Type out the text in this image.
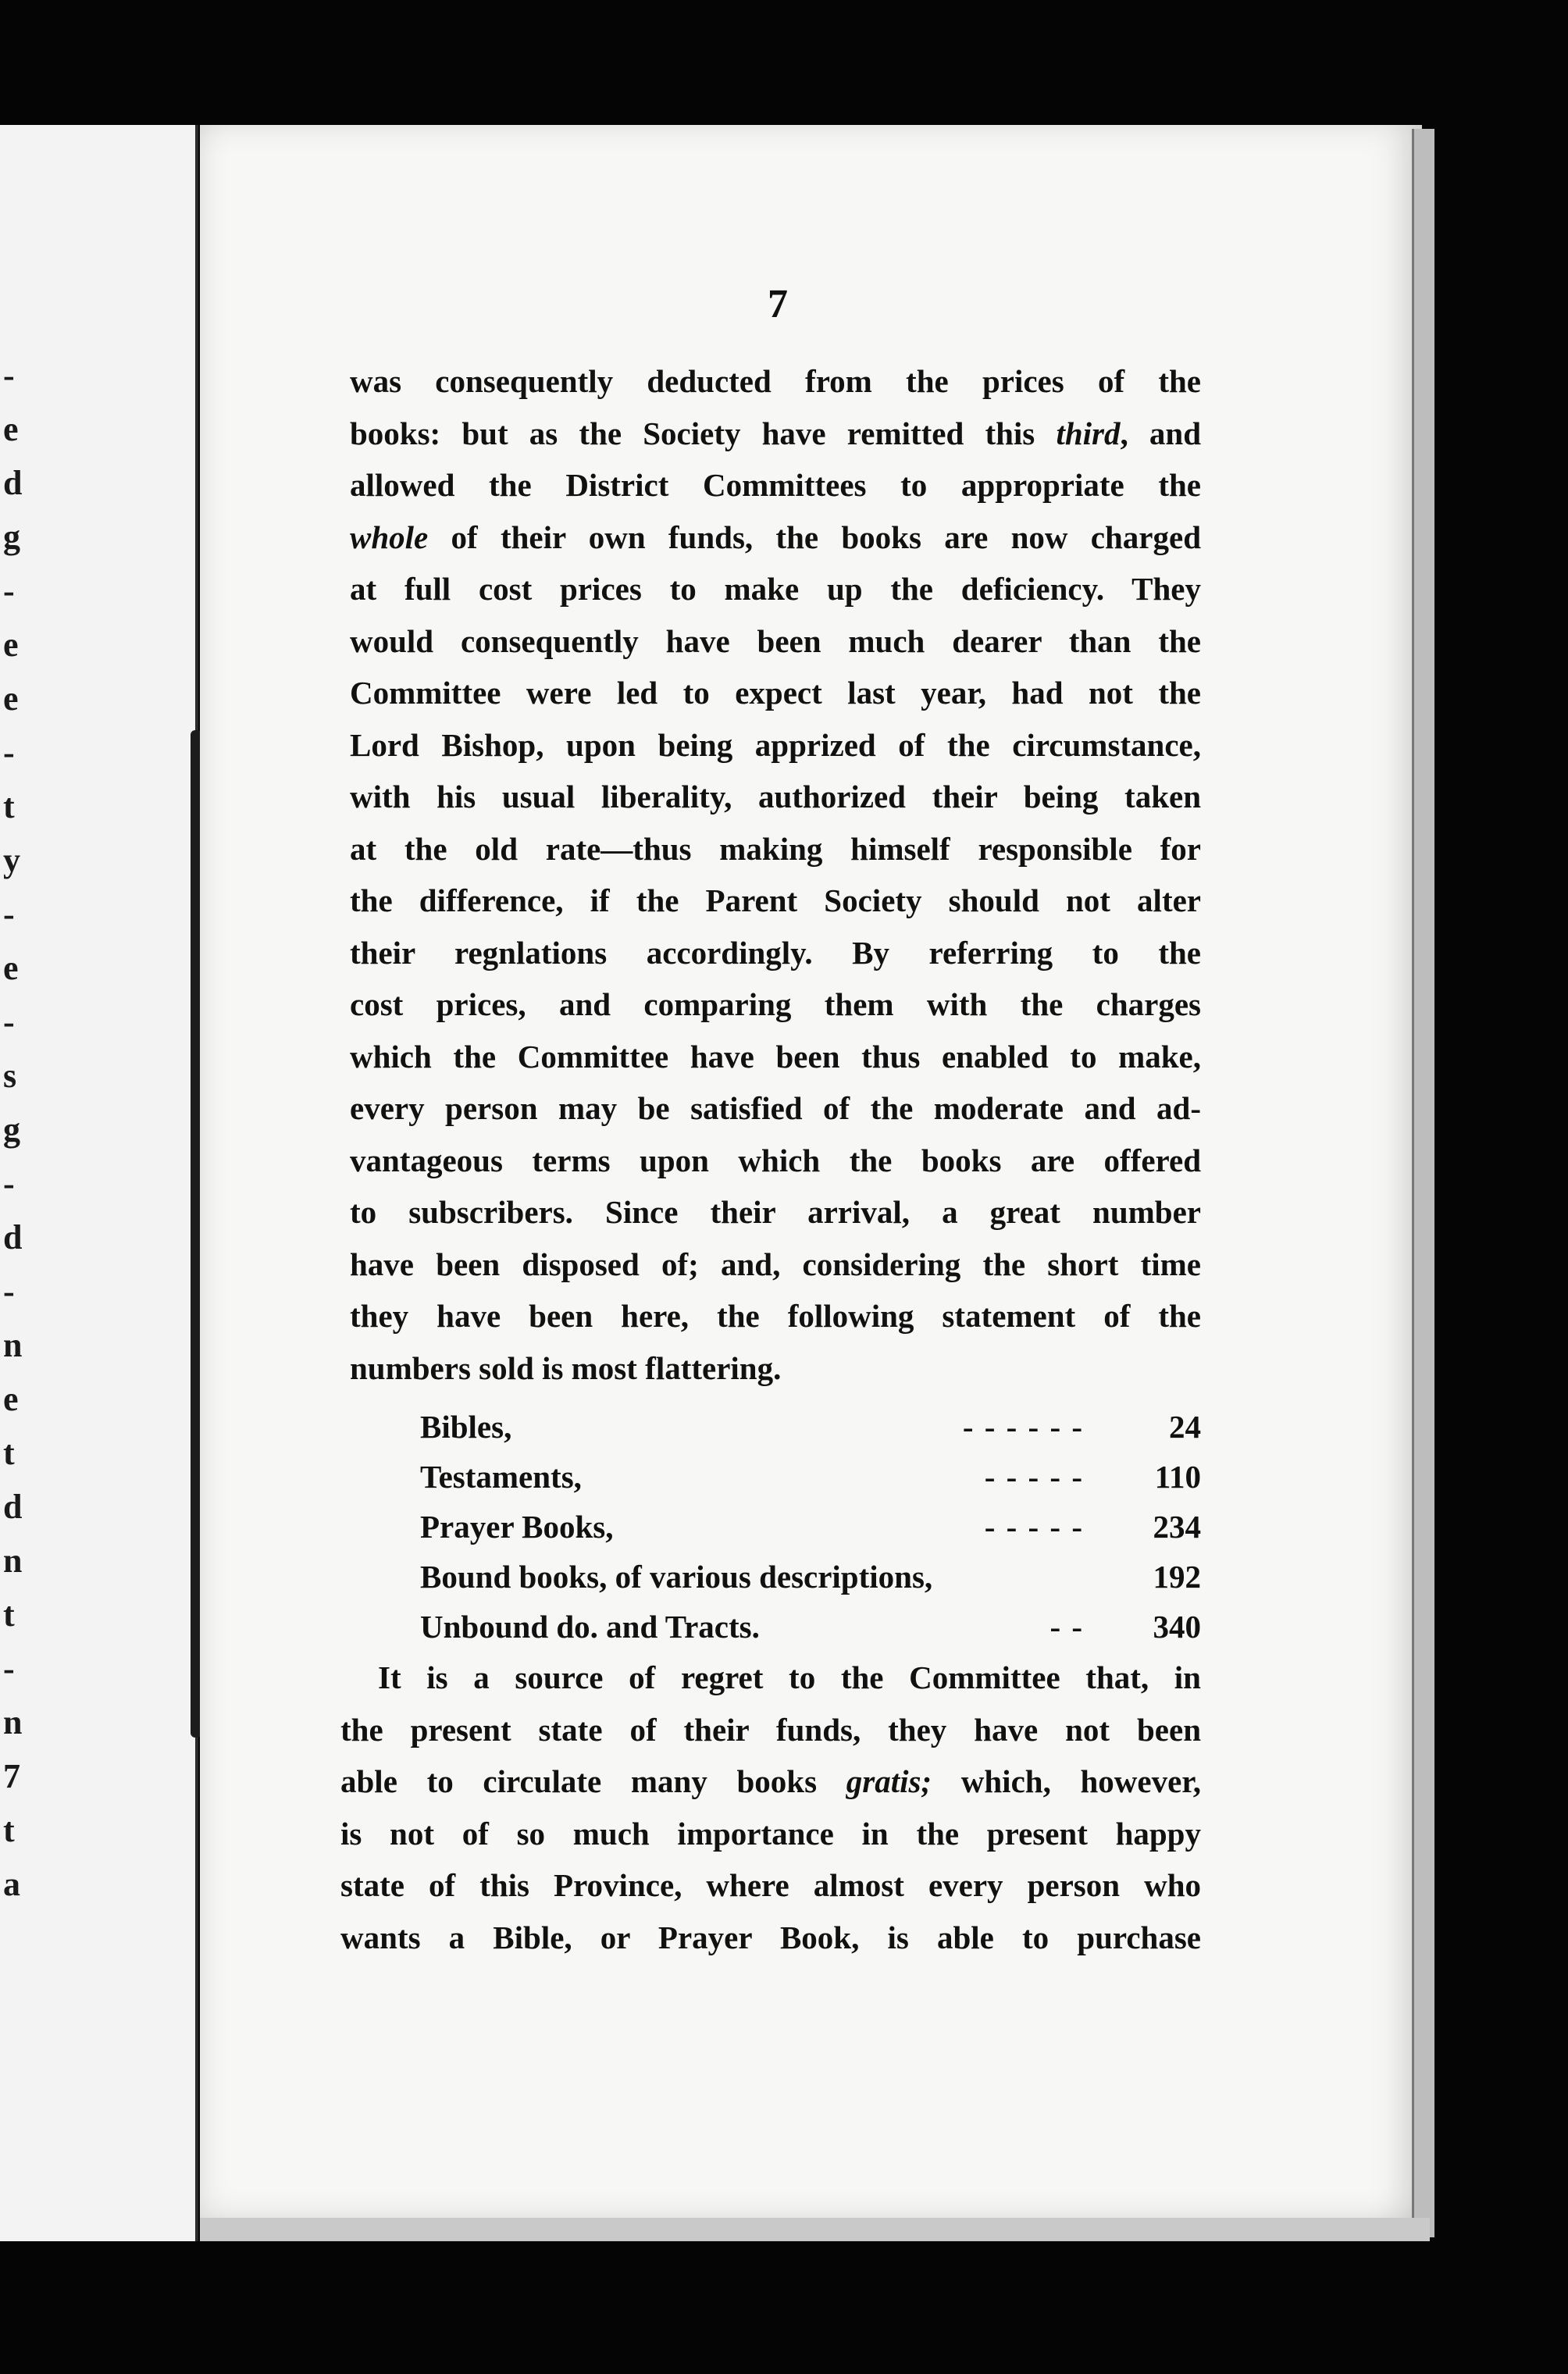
-
e
d
g
-
e
e
-
t
y
-
e
-
s
g
-
d
-
n
e
t
d
n
t
-
n
7
t
a
7
was consequently deducted from the prices of the
books: but as the Society have remitted this third, and
allowed the District Committees to appropriate the
whole of their own funds, the books are now charged
at full cost prices to make up the deficiency. They
would consequently have been much dearer than the
Committee were led to expect last year, had not the
Lord Bishop, upon being apprized of the circumstance,
with his usual liberality, authorized their being taken
at the old rate—thus making himself responsible for
the difference, if the Parent Society should not alter
their regnlations accordingly. By referring to the
cost prices, and comparing them with the charges
which the Committee have been thus enabled to make,
every person may be satisfied of the moderate and ad-
vantageous terms upon which the books are offered
to subscribers. Since their arrival, a great number
have been disposed of; and, considering the short time
they have been here, the following statement of the
numbers sold is most flattering.
Bibles,	- - - - - -	24
Testaments,	- - - - -	110
Prayer Books,	- - - - -	234
Bound books, of various descriptions,	192
Unbound do. and Tracts.	- -	340
It is a source of regret to the Committee that, in
the present state of their funds, they have not been
able to circulate many books gratis; which, however,
is not of so much importance in the present happy
state of this Province, where almost every person who
wants a Bible, or Prayer Book, is able to purchase
